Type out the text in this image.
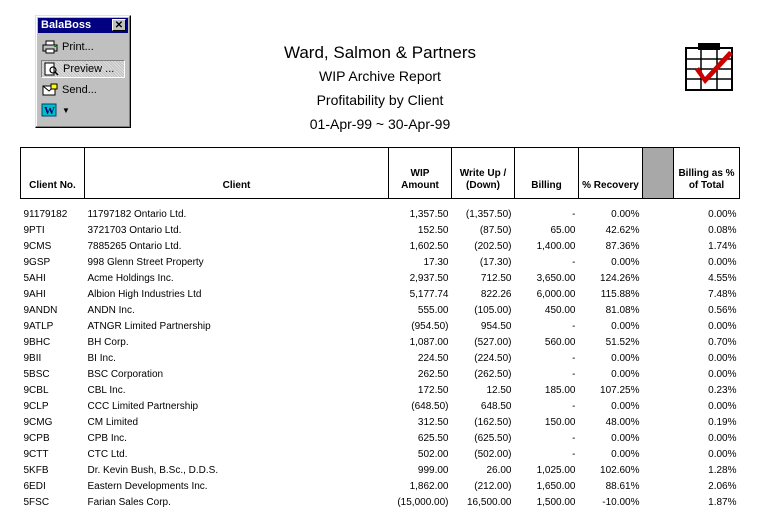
BalaBoss ✕
Print...
Preview ...
Send...
W ▼
Ward, Salmon & Partners
WIP Archive Report
Profitability by Client
01-Apr-99 ~ 30-Apr-99
Client No.	Client	WIP Amount	Write Up / (Down)	Billing	% Recovery		Billing as % of Total

91179182	11797182 Ontario Ltd.	1,357.50	(1,357.50)	-	0.00%		0.00%
9PTI	3721703 Ontario Ltd.	152.50	(87.50)	65.00	42.62%		0.08%
9CMS	7885265 Ontario Ltd.	1,602.50	(202.50)	1,400.00	87.36%		1.74%
9GSP	998 Glenn Street Property	17.30	(17.30)	-	0.00%		0.00%
5AHI	Acme Holdings Inc.	2,937.50	712.50	3,650.00	124.26%		4.55%
9AHI	Albion High Industries Ltd	5,177.74	822.26	6,000.00	115.88%		7.48%
9ANDN	ANDN Inc.	555.00	(105.00)	450.00	81.08%		0.56%
9ATLP	ATNGR Limited Partnership	(954.50)	954.50	-	0.00%		0.00%
9BHC	BH Corp.	1,087.00	(527.00)	560.00	51.52%		0.70%
9BII	BI Inc.	224.50	(224.50)	-	0.00%		0.00%
5BSC	BSC Corporation	262.50	(262.50)	-	0.00%		0.00%
9CBL	CBL Inc.	172.50	12.50	185.00	107.25%		0.23%
9CLP	CCC Limited Partnership	(648.50)	648.50	-	0.00%		0.00%
9CMG	CM Limited	312.50	(162.50)	150.00	48.00%		0.19%
9CPB	CPB Inc.	625.50	(625.50)	-	0.00%		0.00%
9CTT	CTC Ltd.	502.00	(502.00)	-	0.00%		0.00%
5KFB	Dr. Kevin Bush, B.Sc., D.D.S.	999.00	26.00	1,025.00	102.60%		1.28%
6EDI	Eastern Developments Inc.	1,862.00	(212.00)	1,650.00	88.61%		2.06%
5FSC	Farian Sales Corp.	(15,000.00)	16,500.00	1,500.00	-10.00%		1.87%
